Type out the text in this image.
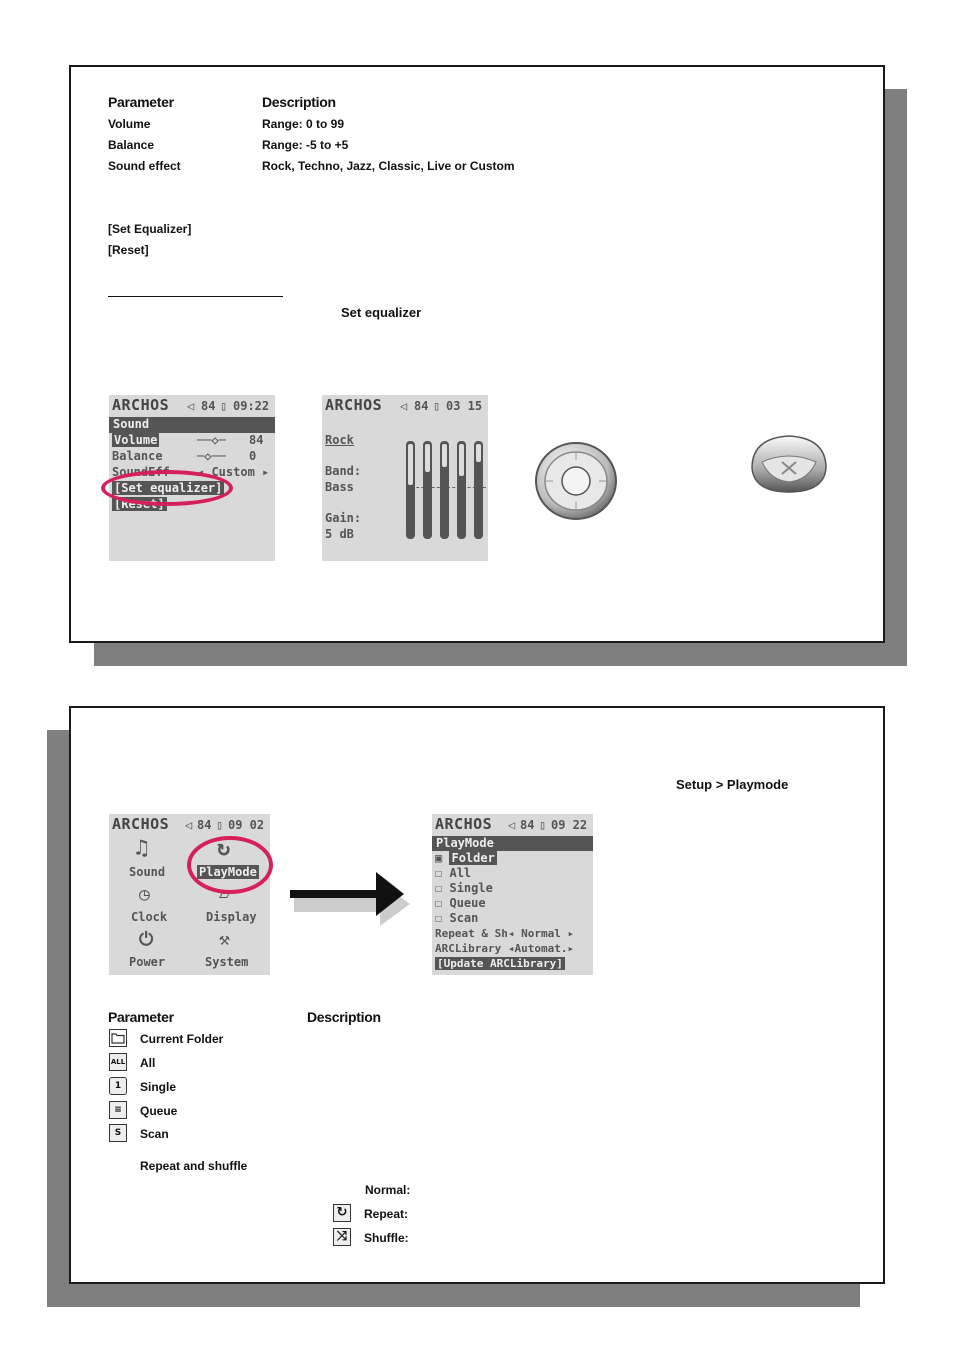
Parameter	Description
Volume	Range: 0 to 99
Balance	Range: -5 to +5
Sound effect	Rock, Techno, Jazz, Classic, Live or Custom
[Set Equalizer]
[Reset]
Set equalizer
ARCHOS ◁ 84 ▯ 09:22
Sound
Volume	──◇─ 84
Balance	─◇── 0
SoundEff ◂ Custom ▸
[Set equalizer]
[Reset]
ARCHOS ◁ 84 ▯ 03 15
Rock
Band:
Bass
Gain:
5 dB
Setup > Playmode
ARCHOS ◁ 84 ▯ 09 02
♫
Sound
↻
PlayMode
◷
Clock
▱
Display
⏻
Power
⚒
System
ARCHOS ◁ 84 ▯ 09 22
PlayMode
▣ Folder
☐ All
☐ Single
☐ Queue
☐ Scan
Repeat & Sh◂ Normal ▸
ARCLibrary ◂Automat.▸
[Update ARCLibrary]
Parameter	Description
Current Folder
ALL All
1	Single
≡	Queue
S	Scan
Repeat and shuffle
Normal:
↻ Repeat:
⤨	Shuffle:
